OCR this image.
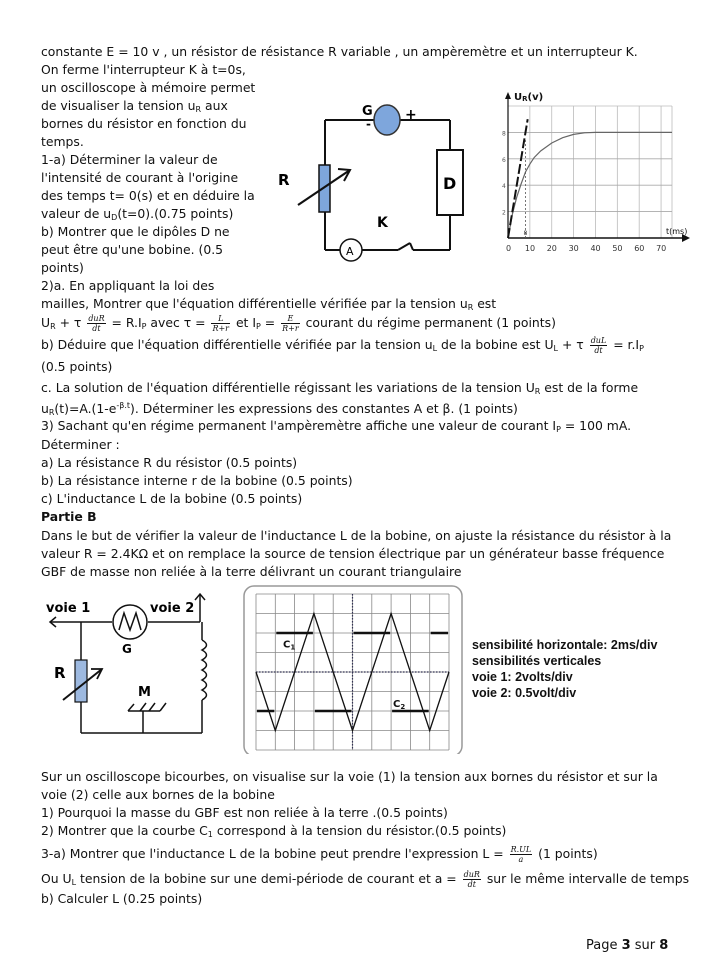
constante E = 10 v , un résistor de résistance R variable , un ampèremètre et un interrupteur K.
On ferme l'interrupteur K à t=0s,
un oscilloscope à mémoire permet
de visualiser la tension $u_R$ aux
bornes du résistor en fonction du
temps.
1-a) Déterminer la valeur de
l'intensité de courant à l'origine
des temps t= 0(s) et en déduire la
valeur de $u_D(t=0).(0.75$ points)
b) Montrer que le dipôles D ne
peut être qu'une bobine. (0.5
points)
2)a. En appliquant la loi des
G
-
+
R	D
K
A	0 10 20 30 40 50 60 70
2
4
6
8
UR(v)
t(ms)
8
mailles, Montrer que l'équation différentielle vérifiée par la tension $u_R$ est
$U_R + \tau \frac{\text{duR}}{dt} = R.I_P$ avec $\tau = \frac{L}{R+r}$ et $I_P = \frac{E}{R+r}$ courant du régime permanent (1 points)
b) Déduire que l'équation différentielle vérifiée par la tension $u_L$ de la bobine est $U_L + \tau \frac{\text{duL}}{dt} = r.I_P$
(0.5 points)
c. La solution de l'équation différentielle régissant les variations de la tension $U_R$ est de la forme
$u_R(t)=A.(1-e^{-\beta.t})$. Déterminer les expressions des constantes A et β. (1 points)
3) Sachant qu'en régime permanent l'ampèremètre affiche une valeur de courant $I_P = 100$ mA.
Déterminer :
a) La résistance R du résistor (0.5 points)
b) La résistance interne r de la bobine (0.5 points)
c) L'inductance L de la bobine (0.5 points)
Partie B
Dans le but de vérifier la valeur de l'inductance L de la bobine, on ajuste la résistance du résistor à la
valeur R = 2.4KΩ et on remplace la source de tension électrique par un générateur basse fréquence
GBF de masse non reliée à la terre délivrant un courant triangulaire
voie 1	voie 2
G
R
M
$C_1$
$C_2$
sensibilité horizontale: 2ms/div
sensibilités verticales
voie 1: 2volts/div
voie 2: 0.5volt/div
Sur un oscilloscope bicourbes, on visualise sur la voie (1) la tension aux bornes du résistor et sur la
voie (2) celle aux bornes de la bobine
1) Pourquoi la masse du GBF est non reliée à la terre .(0.5 points)
2) Montrer que la courbe $C_1$ correspond à la tension du résistor.(0.5 points)
3-a) Montrer que l'inductance L de la bobine peut prendre l'expression $L = \frac{R.UL}{a} (1$ points)
Ou $U_L$ tension de la bobine sur une demi-période de courant et $a = \frac{\text{duR}}{dt}$ sur le même intervalle de temps
b) Calculer L (0.25 points)
Page 3 sur 8
